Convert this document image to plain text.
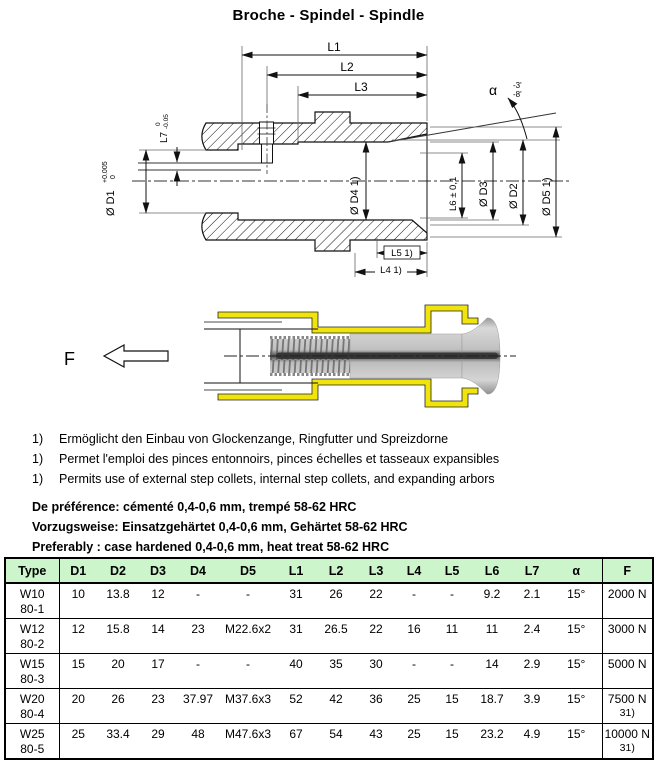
Broche - Spindel - Spindle
L1
L2
L3
Ø D1
+0.005 0
L7
0 -0.05
Ø D4 1)	L6 ± 0,1 Ø D3 Ø D2 Ø D5 1)
α -3'
-8'
L5 1)
L4 1)
F
1)	Ermöglicht den Einbau von Glockenzange, Ringfutter und Spreizdorne
1)	Permet l'emploi des pinces entonnoirs, pinces échelles et tasseaux expansibles
1)	Permits use of external step collets, internal step collets, and expanding arbors
De préférence: cémenté 0,4-0,6 mm, trempé 58-62 HRC
Vorzugsweise: Einsatzgehärtet 0,4-0,6 mm, Gehärtet 58-62 HRC
Preferably : case hardened 0,4-0,6 mm, heat treat 58-62 HRC
Type	D1	D2	D3	D4	D5	L1	L2	L3	L4	L5	L6	L7	α	F

W10
80-1	10	13.8	12	-	-	31	26	22	-	-	9.2	2.1	15°	2000 N

W12
80-2	12	15.8	14	23	M22.6x2	31	26.5	22	16	11	11	2.4	15°	3000 N

W15
80-3	15	20	17	-	-	40	35	30	-	-	14	2.9	15°	5000 N

W20
80-4

20	26	23	37.97	M37.6x3	52	42	36	25	15	18.7	3.9	15°	7500 N
31)

W25
80-5

25	33.4	29	48	M47.6x3	67	54	43	25	15	23.2	4.9	15°	10000 N
31)
